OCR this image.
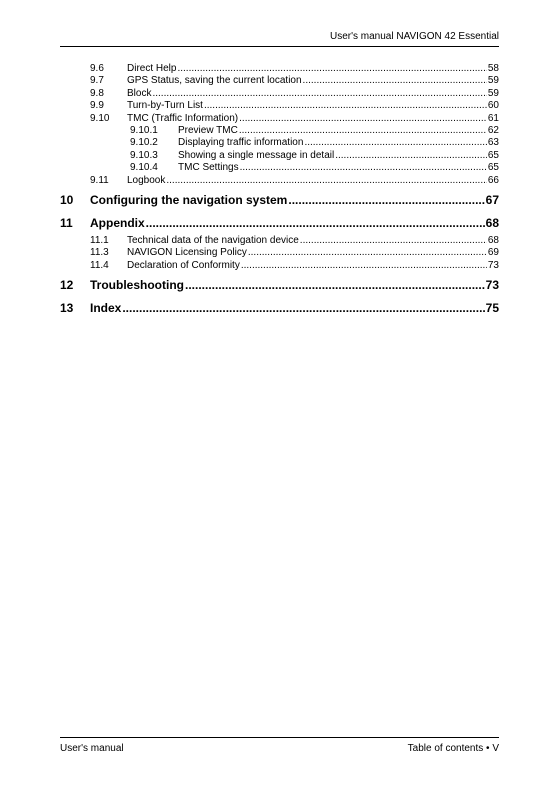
User's manual NAVIGON 42 Essential
9.6	Direct Help .....	58
9.7	GPS Status, saving the current location .....	59
9.8	Block .....	59
9.9	Turn-by-Turn List .....	60
9.10	TMC (Traffic Information) .....	61
9.10.1	Preview TMC .....	62
9.10.2	Displaying traffic information .....	63
9.10.3	Showing a single message in detail .....	65
9.10.4	TMC Settings .....	65
9.11	Logbook .....	66
10	Configuring the navigation system .....	67
11	Appendix .....	68
11.1	Technical data of the navigation device .....	68
11.3	NAVIGON Licensing Policy .....	69
11.4	Declaration of Conformity .....	73
12	Troubleshooting .....	73
13	Index .....	75
User's manual	Table of contents • V
